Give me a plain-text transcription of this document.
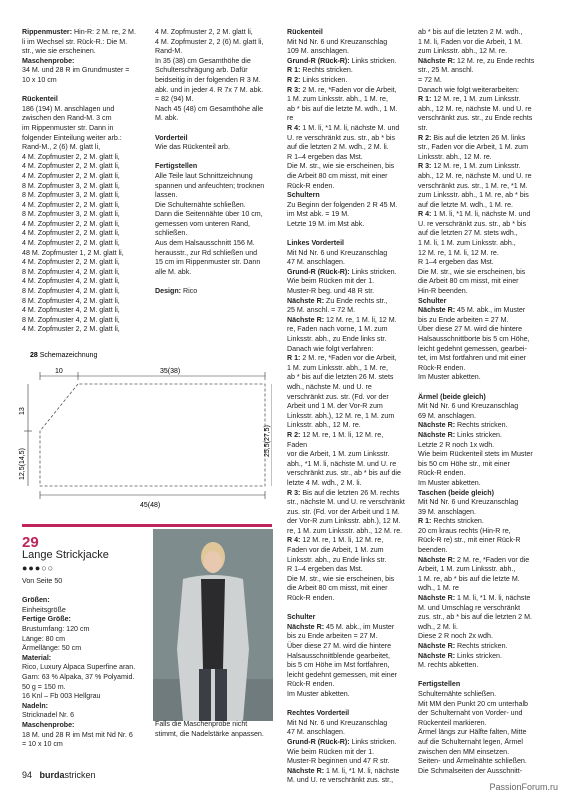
Rippenmuster: Hin-R: 2 M. re, 2 M.

li im Wechsel str. Rück-R.: Die M.

str., wie sie erscheinen.

Maschenprobe:

34 M. und 28 R im Grundmuster =

10 x 10 cm

Rückenteil

186 (194) M. anschlagen und

zwischen den Rand-M. 3 cm

im Rippenmuster str. Dann in

folgender Einteilung weiter arb.:

Rand-M., 2 (6) M. glatt li,

4 M. Zopfmuster 2, 2 M. glatt li,

4 M. Zopfmuster 2, 2 M. glatt li,

4 M. Zopfmuster 2, 2 M. glatt li,

8 M. Zopfmuster 3, 2 M. glatt li,

8 M. Zopfmuster 3, 2 M. glatt li,

4 M. Zopfmuster 2, 2 M. glatt li,

8 M. Zopfmuster 3, 2 M. glatt li,

4 M. Zopfmuster 2, 2 M. glatt li,

4 M. Zopfmuster 2, 2 M. glatt li,

4 M. Zopfmuster 2, 2 M. glatt li,

48 M. Zopfmuster 1, 2 M. glatt li,

4 M. Zopfmuster 2, 2 M. glatt li,

8 M. Zopfmuster 4, 2 M. glatt li,

4 M. Zopfmuster 4, 2 M. glatt li,

8 M. Zopfmuster 4, 2 M. glatt li,

8 M. Zopfmuster 4, 2 M. glatt li,

4 M. Zopfmuster 4, 2 M. glatt li,

8 M. Zopfmuster 4, 2 M. glatt li,

4 M. Zopfmuster 2, 2 M. glatt li,

4 M. Zopfmuster 2, 2 M. glatt li,

4 M. Zopfmuster 2, 2 (6) M. glatt li,

Rand-M.

In 35 (38) cm Gesamthöhe die

Schulterschrägung arb. Dafür

beidseitig in der folgenden R 3 M.

abk. und in jeder 4. R 7x 7 M. abk.

= 82 (94) M.

Nach 45 (48) cm Gesamthöhe alle

M. abk.

Vorderteil

Wie das Rückenteil arb.

Fertigstellen

Alle Teile laut Schnittzeichnung

spannen und anfeuchten; trocknen

lassen.

Die Schulternähte schließen.

Dann die Seitennähte über 10 cm,

gemessen vom unteren Rand,

schließen.

Aus dem Halsausschnitt 156 M.

herausstr., zur Rd schließen und

15 cm im Rippenmuster str. Dann

alle M. abk.

Design: Rico

Rückenteil

Mit Nd Nr. 6 und Kreuzanschlag

109 M. anschlagen.

Grund-R (Rück-R): Links stricken.

R 1: Rechts stricken.

R 2: Links stricken.

R 3: 2 M. re, *Faden vor die Arbeit,

1 M. zum Linksstr. abh., 1 M. re,

ab * bis auf die letzte M. wdh., 1 M. re

R 4: 1 M. li, *1 M. li, nächste M. und

U. re verschränkt zus. str., ab * bis

auf die letzten 2 M. wdh., 2 M. li.

R 1–4 ergeben das Mst.

Die M. str., wie sie erscheinen, bis

die Arbeit 80 cm misst, mit einer

Rück-R enden.

Schultern

Zu Beginn der folgenden 2 R 45 M.

im Mst abk. = 19 M.

Letzte 19 M. im Mst abk.

Linkes Vorderteil

Mit Nd Nr. 6 und Kreuzanschlag

47 M. anschlagen.

Grund-R (Rück-R): Links stricken.

Wie beim Rücken mit der 1.

Muster-R beg. und 48 R str.

Nächste R: Zu Ende rechts str.,

25 M. anschl. = 72 M.

Nächste R: 12 M. re, 1 M. li, 12 M.

re, Faden nach vorne, 1 M. zum

Linksstr. abh., zu Ende links str.

Danach wie folgt verfahren:

R 1: 2 M. re, *Faden vor die Arbeit,

1 M. zum Linksstr. abh., 1 M. re,

ab * bis auf die letzten 26 M. stets

wdh., nächste M. und U. re

verschränkt zus. str. (Fd. vor der

Arbeit und 1 M. der Vor-R zum

Linksstr. abh.), 12 M. re, 1 M. zum

Linksstr. abh., 12 M. re.

R 2: 12 M. re, 1 M. li, 12 M. re, Faden

vor die Arbeit, 1 M. zum Linksstr.

abh., *1 M. li, nächste M. und U. re

verschränkt zus. str., ab * bis auf die

letzte 4 M. wdh., 2 M. li.

R 3: Bis auf die letzten 26 M. rechts

str., nächste M. und U. re verschränkt

zus. str. (Fd. vor der Arbeit und 1 M.

der Vor-R zum Linksstr. abh.), 12 M.

re, 1 M. zum Linksstr. abh., 12 M. re.

R 4: 12 M. re, 1 M. li, 12 M. re,

Faden vor die Arbeit, 1 M. zum

Linksstr. abh., zu Ende links str.

R 1–4 ergeben das Mst.

Die M. str., wie sie erscheinen, bis

die Arbeit 80 cm misst, mit einer

Rück-R enden.

Schulter

Nächste R: 45 M. abk., im Muster

bis zu Ende arbeiten = 27 M.

Über diese 27 M. wird die hintere

Halsausschnittblende gearbeitet,

bis 5 cm Höhe im Mst fortfahren,

leicht gedehnt gemessen, mit einer

Rück-R enden.

Im Muster abketten.

Rechtes Vorderteil

Mit Nd Nr. 6 und Kreuzanschlag

47 M. anschlagen.

Grund-R (Rück-R): Links stricken.

Wie beim Rücken mit der 1.

Muster-R beginnen und 47 R str.

Nächste R: 1 M. li, *1 M. li, nächste

M. und U. re verschränkt zus. str.,

ab * bis auf die letzten 2 M. wdh.,

1 M. li, Faden vor die Arbeit, 1 M.

zum Linksstr. abh., 12 M. re.

Nächste R: 12 M. re, zu Ende rechts

str., 25 M. anschl.

= 72 M.

Danach wie folgt weiterarbeiten:

R 1: 12 M. re, 1 M. zum Linksstr.

abh., 12 M. re, nächste M. und U. re

verschränkt zus. str., zu Ende rechts

str.

R 2: Bis auf die letzten 26 M. links

str., Faden vor die Arbeit, 1 M. zum

Linksstr. abh., 12 M. re.

R 3: 12 M. re, 1 M. zum Linksstr.

abh., 12 M. re, nächste M. und U. re

verschränkt zus. str., 1 M. re, *1 M.

zum Linksstr. abh., 1 M. re, ab * bis

auf die letzte M. wdh., 1 M. re.

R 4: 1 M. li, *1 M. li, nächste M. und

U. re verschränkt zus. str., ab * bis

auf die letzten 27 M. stets wdh.,

1 M. li, 1 M. zum Linksstr. abh.,

12 M. re, 1 M. li, 12 M. re.

R 1–4 ergeben das Mst.

Die M. str., wie sie erscheinen, bis

die Arbeit 80 cm misst, mit einer

Hin-R beenden.

Schulter

Nächste R: 45 M. abk., im Muster

bis zu Ende arbeiten = 27 M.

Über diese 27 M. wird die hintere

Halsausschnittborte bis 5 cm Höhe,

leicht gedehnt gemessen, gearbei-

tet, im Mst fortfahren und mit einer

Rück-R enden.

Im Muster abketten.

Ärmel (beide gleich)

Mit Nd Nr. 6 und Kreuzanschlag

69 M. anschlagen.

Nächste R: Rechts stricken.

Nächste R: Links stricken.

Letzte 2 R noch 1x wdh.

Wie beim Rückenteil stets im Muster

bis 50 cm Höhe str., mit einer

Rück-R enden.

Im Muster abketten.

Taschen (beide gleich)

Mit Nd Nr. 6 und Kreuzanschlag

39 M. anschlagen.

R 1: Rechts stricken.

20 cm kraus rechts (Hin-R re,

Rück-R re) str., mit einer Rück-R

beenden.

Nächste R: 2 M. re, *Faden vor die

Arbeit, 1 M. zum Linksstr. abh.,

1 M. re, ab * bis auf die letzte M.

wdh., 1 M. re

Nächste R: 1 M. li, *1 M. li, nächste

M. und Umschlag re verschränkt

zus. str., ab * bis auf die letzten 2 M.

wdh., 2 M. li.

Diese 2 R noch 2x wdh.

Nächste R: Rechts stricken.

Nächste R: Links stricken.

M. rechts abketten.

Fertigstellen

Schulternähte schließen.

Mit MM den Punkt 20 cm unterhalb

der Schulternaht von Vorder- und

Rückenteil markieren.

Ärmel längs zur Hälfte falten, Mitte

auf die Schulternaht legen, Ärmel

zwischen den MM einsetzen.

Seiten- und Ärmelnähte schließen.

Die Schmalseiten der Ausschnitt-

28 Schemazeichnung
10	35(38)
13
12,5(14,5)
25,5(27,5)
45(48)
29
Lange Strickjacke
●●●○○

Von Seite 50

Größen:

Einheitsgröße

Fertige Größe:

Brustumfang: 120 cm

Länge: 80 cm

Ärmellänge: 50 cm

Material:

Rico, Luxury Alpaca Superfine aran.

Garn: 63 % Alpaka, 37 % Polyamid.

50 g = 150 m.

16 Knl – Fb 003 Hellgrau

Nadeln:

Stricknadel Nr. 6

Maschenprobe:

18 M. und 28 R im Mst mit Nd Nr. 6

= 10 x 10 cm

Falls die Maschenprobe nicht

stimmt, die Nadelstärke anpassen.

94 burdastricken
PassionForum.ru
